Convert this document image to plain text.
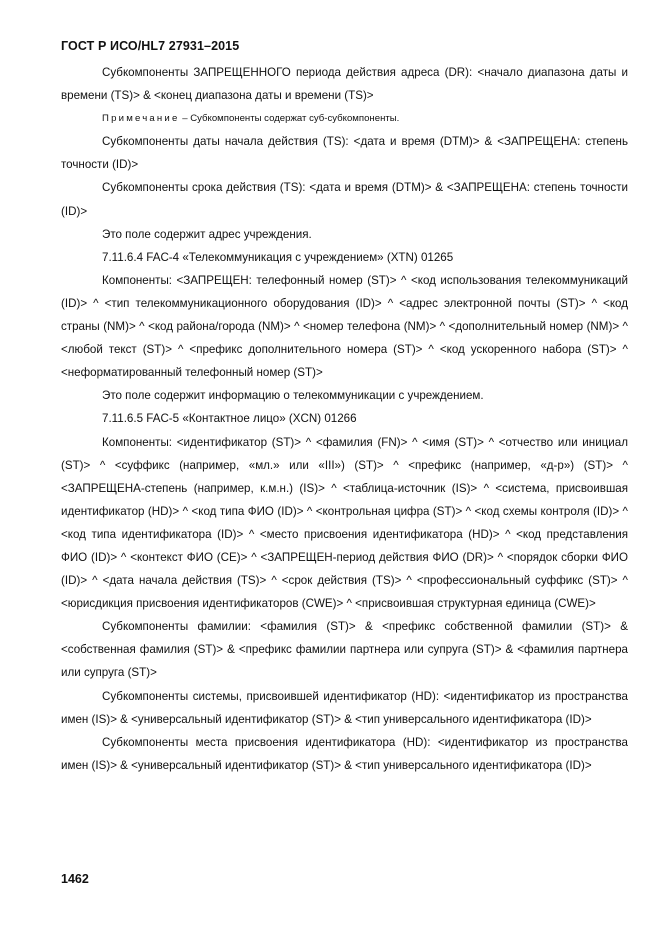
ГОСТ Р ИСО/HL7 27931–2015

Субкомпоненты ЗАПРЕЩЕННОГО периода действия адреса (DR): <начало диапазона даты и времени (TS)> & <конец диапазона даты и времени (TS)>

Примечание – Субкомпоненты содержат суб-субкомпоненты.

Субкомпоненты даты начала действия (TS): <дата и время (DTM)> & <ЗАПРЕЩЕНА: степень точности (ID)>

Субкомпоненты срока действия (TS): <дата и время (DTM)> & <ЗАПРЕЩЕНА: степень точности (ID)>

Это поле содержит адрес учреждения.

7.11.6.4 FAC-4 «Телекоммуникация с учреждением» (XTN) 01265

Компоненты: <ЗАПРЕЩЕН: телефонный номер (ST)> ^ <код использования телекоммуникаций (ID)> ^ <тип телекоммуникационного оборудования (ID)> ^ <адрес электронной почты (ST)> ^ <код страны (NM)> ^ <код района/города (NM)> ^ <номер телефона (NM)> ^ <дополнительный номер (NM)> ^ <любой текст (ST)> ^ <префикс дополнительного номера (ST)> ^ <код ускоренного набора (ST)> ^ <неформатированный телефонный номер (ST)>

Это поле содержит информацию о телекоммуникации с учреждением.

7.11.6.5 FAC-5 «Контактное лицо» (XCN) 01266

Компоненты: <идентификатор (ST)> ^ <фамилия (FN)> ^ <имя (ST)> ^ <отчество или инициал (ST)> ^ <суффикс (например, «мл.» или «III») (ST)> ^ <префикс (например, «д-р») (ST)> ^ <ЗАПРЕЩЕНА-степень (например, к.м.н.) (IS)> ^ <таблица-источник (IS)> ^ <система, присвоившая идентификатор (HD)> ^ <код типа ФИО (ID)> ^ <контрольная цифра (ST)> ^ <код схемы контроля (ID)> ^ <код типа идентификатора (ID)> ^ <место присвоения идентификатора (HD)> ^ <код представления ФИО (ID)> ^ <контекст ФИО (CE)> ^ <ЗАПРЕЩЕН-период действия ФИО (DR)> ^ <порядок сборки ФИО (ID)> ^ <дата начала действия (TS)> ^ <срок действия (TS)> ^ <профессиональный суффикс (ST)> ^ <юрисдикция присвоения идентификаторов (CWE)> ^ <присвоившая структурная единица (CWE)>

Субкомпоненты фамилии: <фамилия (ST)> & <префикс собственной фамилии (ST)> & <собственная фамилия (ST)> & <префикс фамилии партнера или супруга (ST)> & <фамилия партнера или супруга (ST)>

Субкомпоненты системы, присвоившей идентификатор (HD): <идентификатор из пространства имен (IS)> & <универсальный идентификатор (ST)> & <тип универсального идентификатора (ID)>

Субкомпоненты места присвоения идентификатора (HD): <идентификатор из пространства имен (IS)> & <универсальный идентификатор (ST)> & <тип универсального идентификатора (ID)>

1462
